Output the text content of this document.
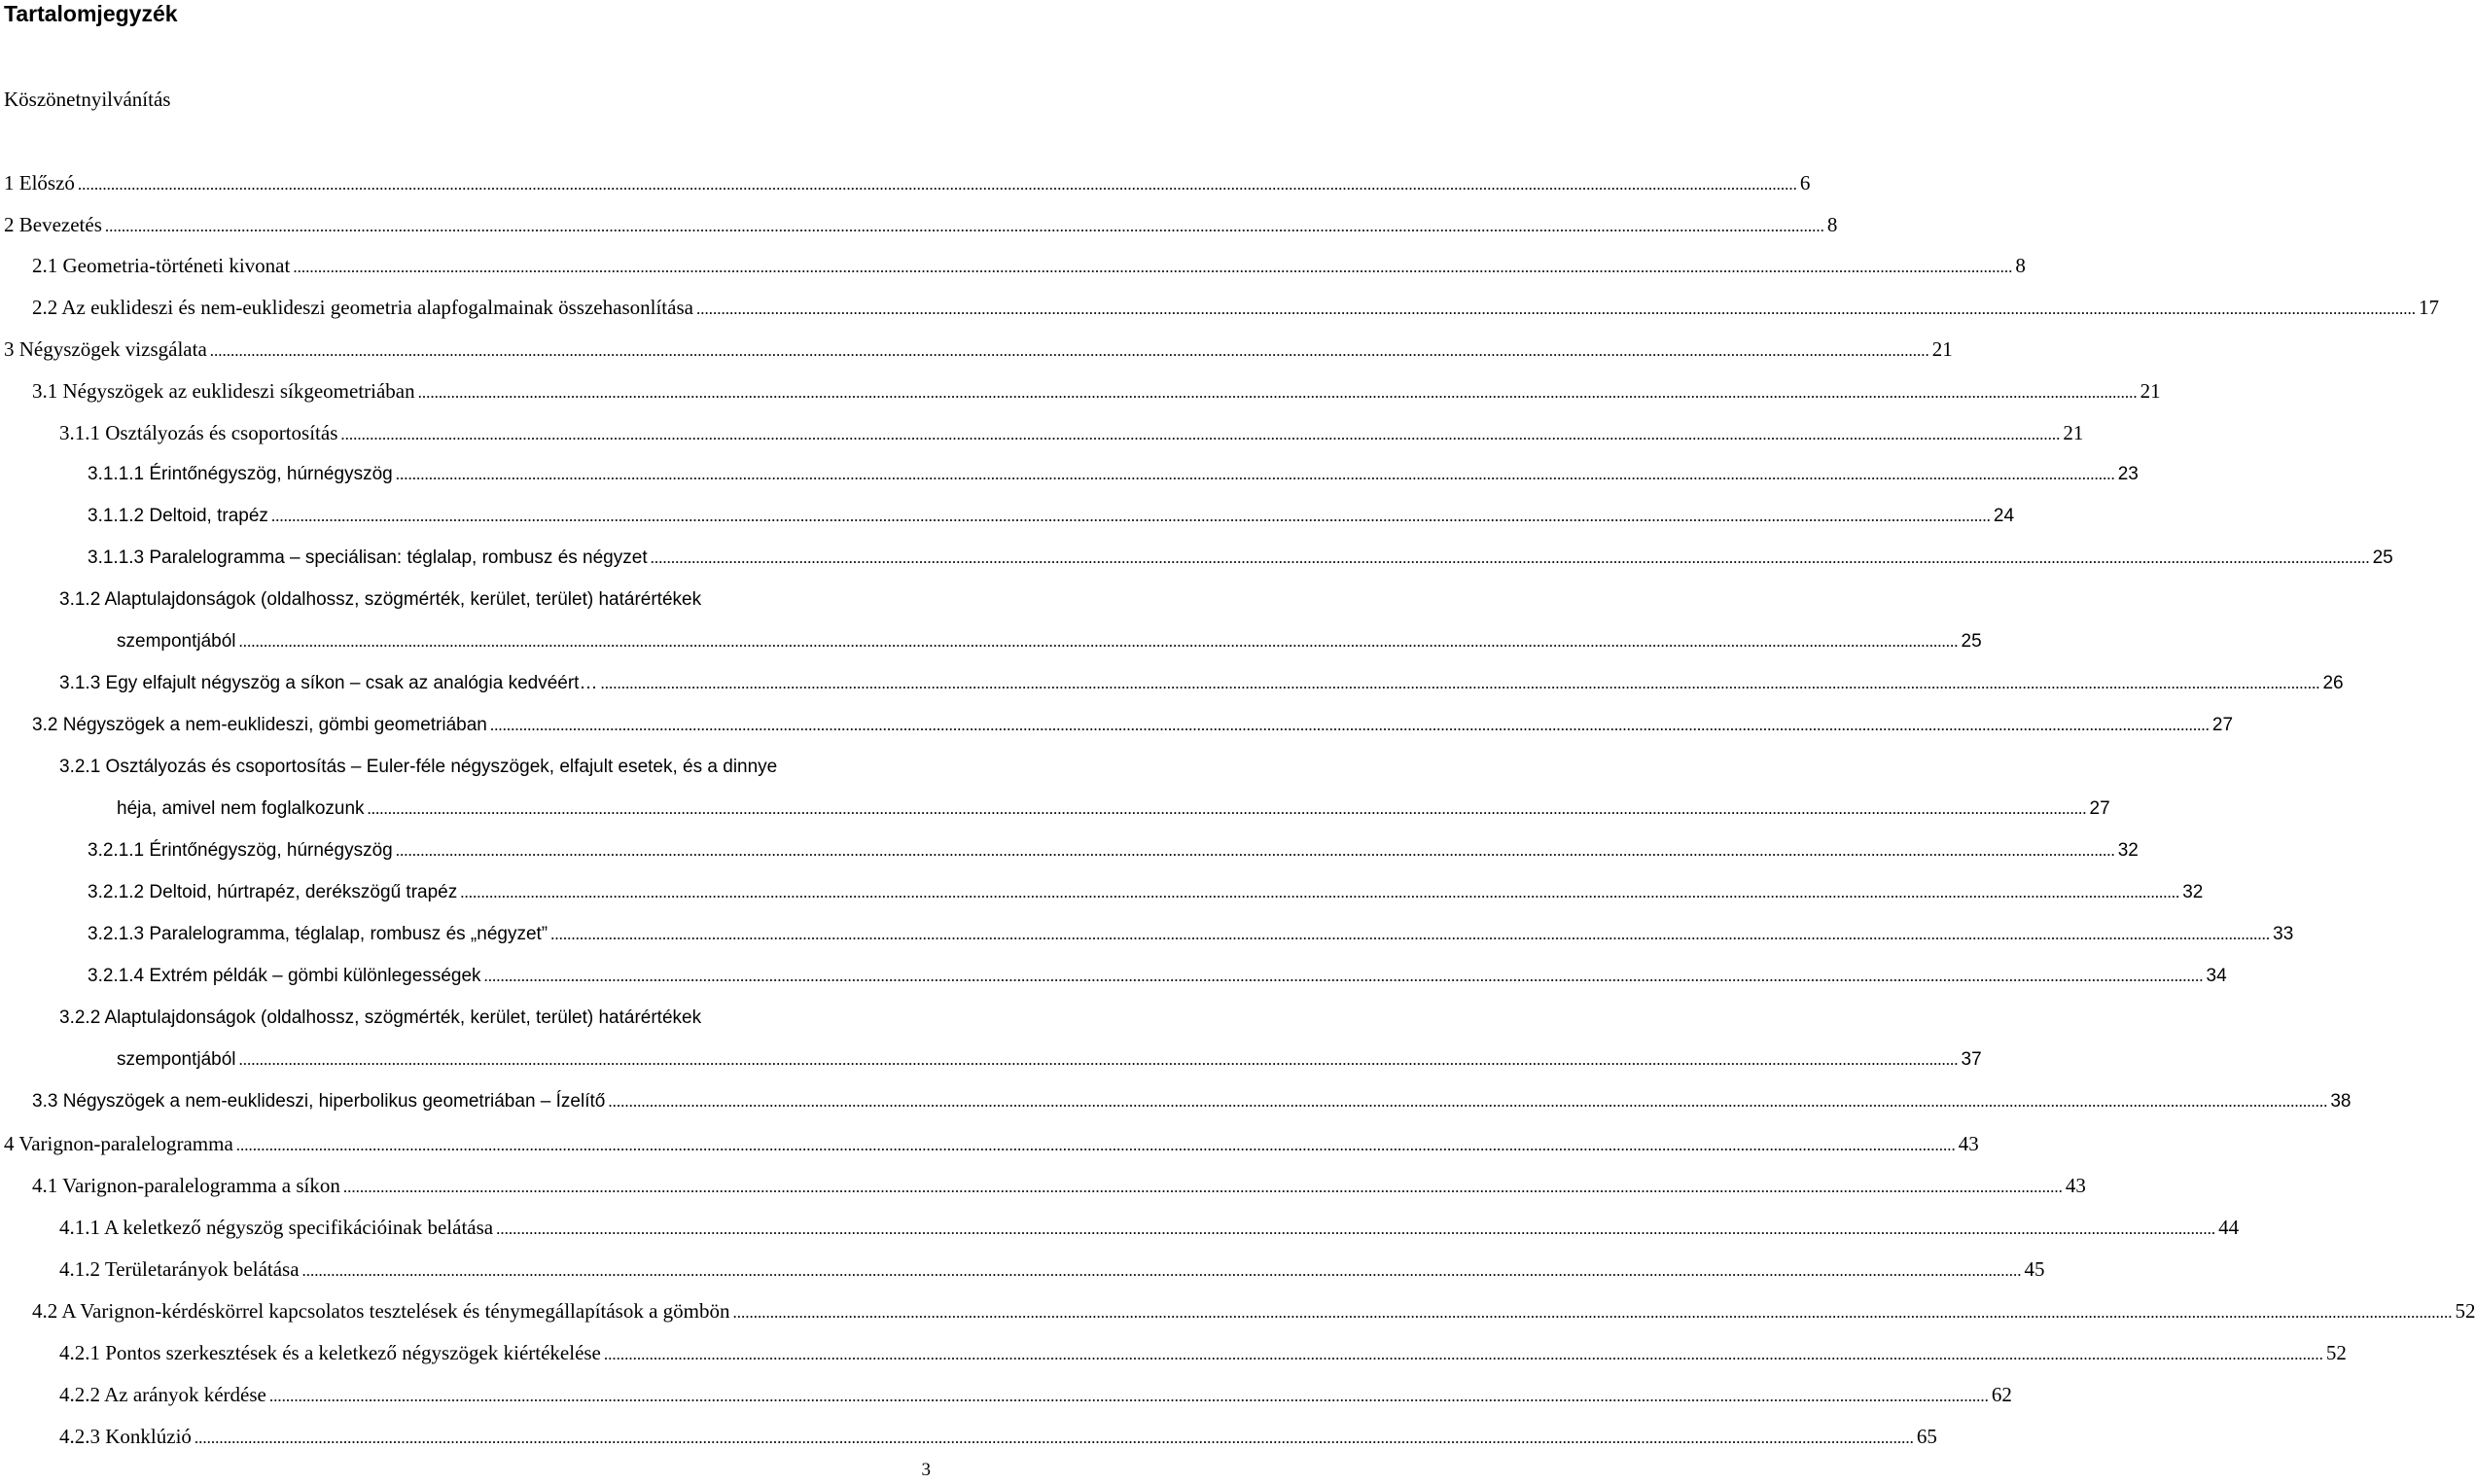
Tartalomjegyzék
Köszönetnyilvánítás
1 Előszó .....	6
2 Bevezetés .....	8
2.1 Geometria-történeti kivonat .....	8
2.2 Az euklideszi és nem-euklideszi geometria alapfogalmainak összehasonlítása .....	17
3 Négyszögek vizsgálata .....	21
3.1 Négyszögek az euklideszi síkgeometriában .....	21
3.1.1 Osztályozás és csoportosítás .....	21
3.1.1.1 Érintőnégyszög, húrnégyszög .....	23
3.1.1.2 Deltoid, trapéz .....	24
3.1.1.3 Paralelogramma – speciálisan: téglalap, rombusz és négyzet .....	25
3.1.2 Alaptulajdonságok (oldalhossz, szögmérték, kerület, terület) határértékek
szempontjából .....	25
3.1.3 Egy elfajult négyszög a síkon – csak az analógia kedvéért… .....	26
3.2 Négyszögek a nem-euklideszi, gömbi geometriában .....	27
3.2.1 Osztályozás és csoportosítás – Euler-féle négyszögek, elfajult esetek, és a dinnye
héja, amivel nem foglalkozunk .....	27
3.2.1.1 Érintőnégyszög, húrnégyszög .....	32
3.2.1.2 Deltoid, húrtrapéz, derékszögű trapéz .....	32
3.2.1.3 Paralelogramma, téglalap, rombusz és „négyzet” .....	33
3.2.1.4 Extrém példák – gömbi különlegességek .....	34
3.2.2 Alaptulajdonságok (oldalhossz, szögmérték, kerület, terület) határértékek
szempontjából .....	37
3.3 Négyszögek a nem-euklideszi, hiperbolikus geometriában – Ízelítő .....	38
4 Varignon-paralelogramma .....	43
4.1 Varignon-paralelogramma a síkon .....	43
4.1.1 A keletkező négyszög specifikációinak belátása .....	44
4.1.2 Területarányok belátása .....	45
4.2 A Varignon-kérdéskörrel kapcsolatos tesztelések és ténymegállapítások a gömbön .....	52
4.2.1 Pontos szerkesztések és a keletkező négyszögek kiértékelése .....	52
4.2.2 Az arányok kérdése .....	62
4.2.3 Konklúzió .....	65
3
